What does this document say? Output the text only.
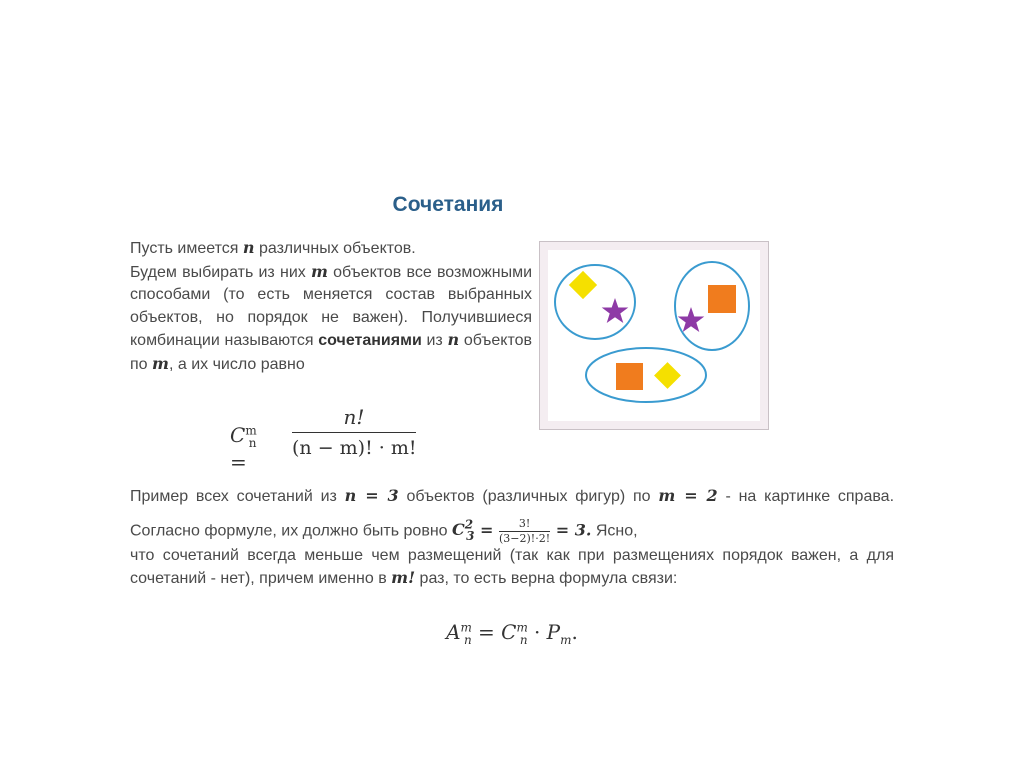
Сочетания

Пусть имеется n различных объектов.

Будем выбирать из них m объектов все возможными способами (то есть меняется состав выбранных объектов, но порядок не важен). Получившиеся комбинации называются сочетаниями из n объектов по m, а их число равно

$C^m_n$ =
n!
(n − m)! · m!

Пример всех сочетаний из n = 3 объектов (различных фигур) по m = 2 - на картинке справа. Согласно формуле, их должно быть ровно $C^2_3 = \frac{3!}{(3-2)!\cdot 2!} = 3$. Ясно,

что сочетаний всегда меньше чем размещений (так как при размещениях порядок важен, а для сочетаний - нет), причем именно в m! раз, то есть верна формула связи:

$A^m_n = C^m_n \cdot P_m$.
